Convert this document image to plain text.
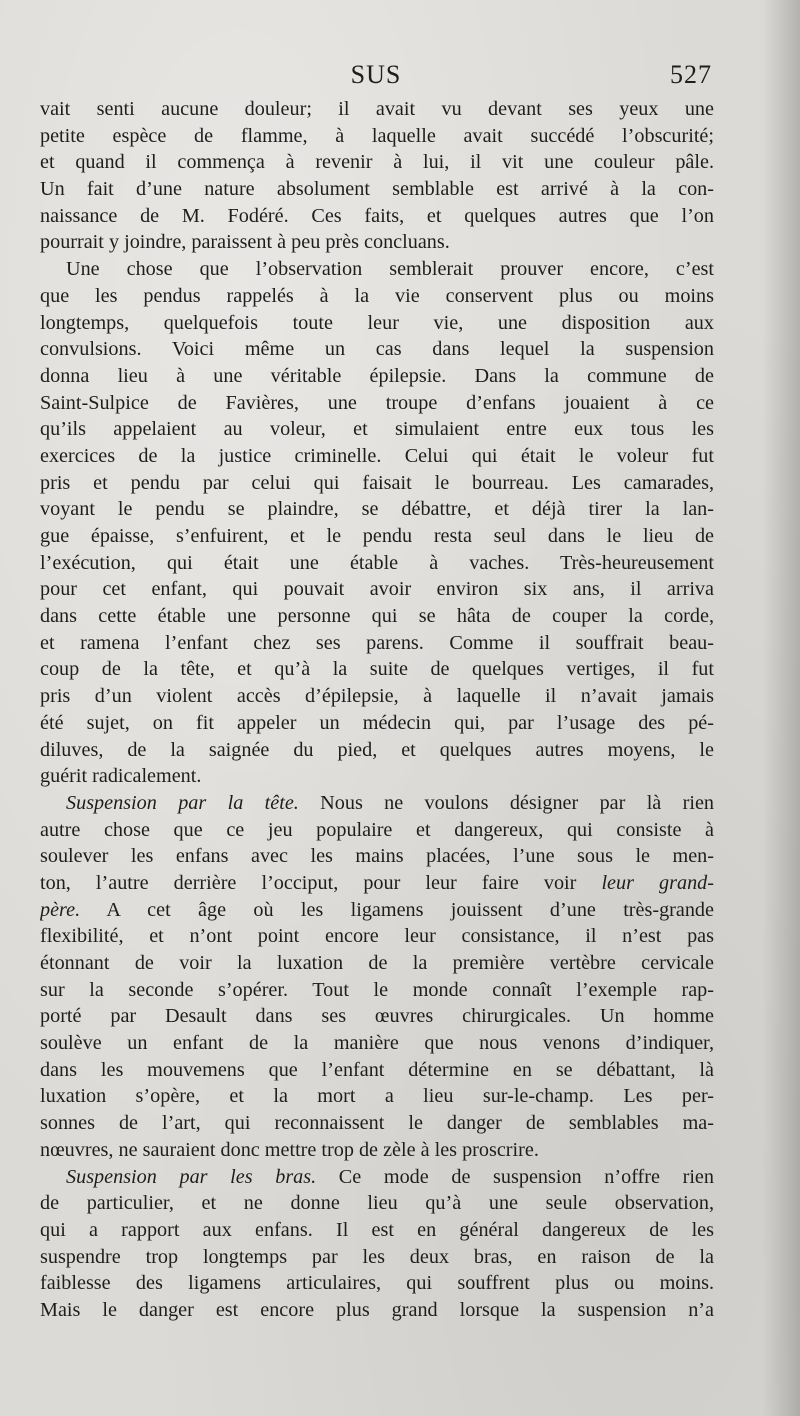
SUS	527
vait senti aucune douleur; il avait vu devant ses yeux une
petite espèce de flamme, à laquelle avait succédé l’obscurité;
et quand il commença à revenir à lui, il vit une couleur pâle.
Un fait d’une nature absolument semblable est arrivé à la con-
naissance de M. Fodéré. Ces faits, et quelques autres que l’on
pourrait y joindre, paraissent à peu près concluans.
Une chose que l’observation semblerait prouver encore, c’est
que les pendus rappelés à la vie conservent plus ou moins
longtemps, quelquefois toute leur vie, une disposition aux
convulsions. Voici même un cas dans lequel la suspension
donna lieu à une véritable épilepsie. Dans la commune de
Saint-Sulpice de Favières, une troupe d’enfans jouaient à ce
qu’ils appelaient au voleur, et simulaient entre eux tous les
exercices de la justice criminelle. Celui qui était le voleur fut
pris et pendu par celui qui faisait le bourreau. Les camarades,
voyant le pendu se plaindre, se débattre, et déjà tirer la lan-
gue épaisse, s’enfuirent, et le pendu resta seul dans le lieu de
l’exécution, qui était une étable à vaches. Très-heureusement
pour cet enfant, qui pouvait avoir environ six ans, il arriva
dans cette étable une personne qui se hâta de couper la corde,
et ramena l’enfant chez ses parens. Comme il souffrait beau-
coup de la tête, et qu’à la suite de quelques vertiges, il fut
pris d’un violent accès d’épilepsie, à laquelle il n’avait jamais
été sujet, on fit appeler un médecin qui, par l’usage des pé-
diluves, de la saignée du pied, et quelques autres moyens, le
guérit radicalement.
Suspension par la tête. Nous ne voulons désigner par là rien
autre chose que ce jeu populaire et dangereux, qui consiste à
soulever les enfans avec les mains placées, l’une sous le men-
ton, l’autre derrière l’occiput, pour leur faire voir leur grand-
père. A cet âge où les ligamens jouissent d’une très-grande
flexibilité, et n’ont point encore leur consistance, il n’est pas
étonnant de voir la luxation de la première vertèbre cervicale
sur la seconde s’opérer. Tout le monde connaît l’exemple rap-
porté par Desault dans ses œuvres chirurgicales. Un homme
soulève un enfant de la manière que nous venons d’indiquer,
dans les mouvemens que l’enfant détermine en se débattant, là
luxation s’opère, et la mort a lieu sur-le-champ. Les per-
sonnes de l’art, qui reconnaissent le danger de semblables ma-
nœuvres, ne sauraient donc mettre trop de zèle à les proscrire.
Suspension par les bras. Ce mode de suspension n’offre rien
de particulier, et ne donne lieu qu’à une seule observation,
qui a rapport aux enfans. Il est en général dangereux de les
suspendre trop longtemps par les deux bras, en raison de la
faiblesse des ligamens articulaires, qui souffrent plus ou moins.
Mais le danger est encore plus grand lorsque la suspension n’a
